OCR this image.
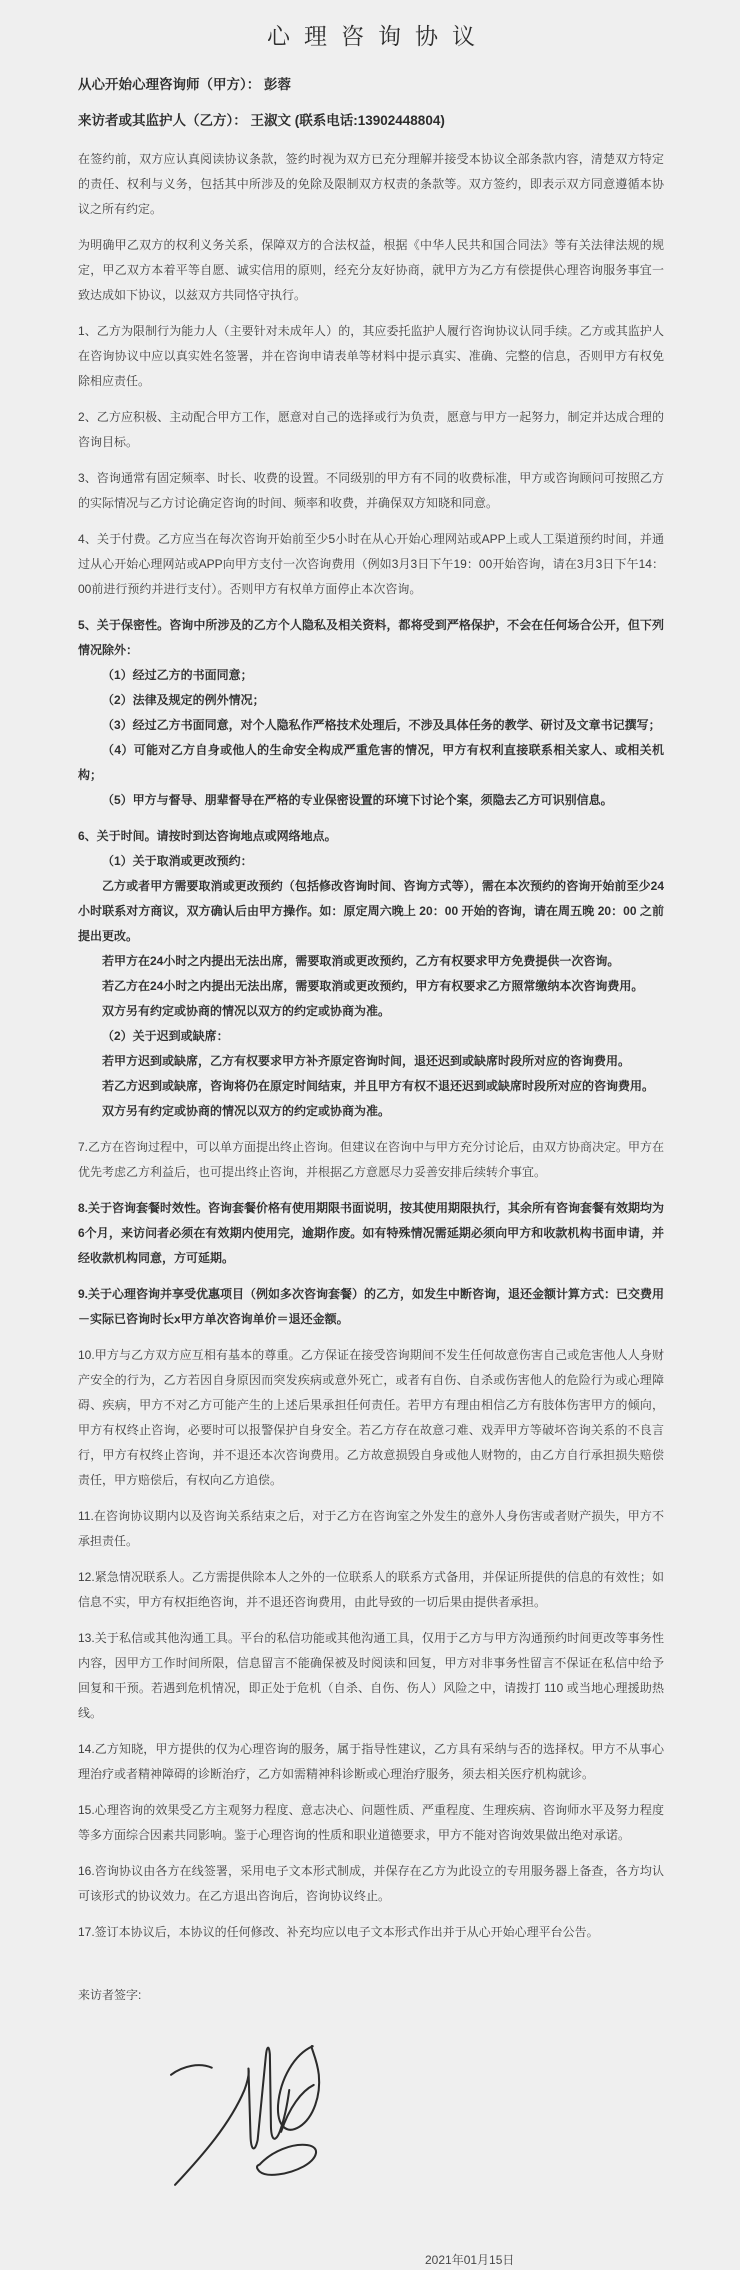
心理咨询协议

从心开始心理咨询师（甲方）： 彭蓉

来访者或其监护人（乙方）： 王淑文 (联系电话:13902448804)

在签约前，双方应认真阅读协议条款，签约时视为双方已充分理解并接受本协议全部条款内容，清楚双方特定的责任、权利与义务，包括其中所涉及的免除及限制双方权责的条款等。双方签约，即表示双方同意遵循本协议之所有约定。

为明确甲乙双方的权利义务关系，保障双方的合法权益，根据《中华人民共和国合同法》等有关法律法规的规定，甲乙双方本着平等自愿、诚实信用的原则，经充分友好协商，就甲方为乙方有偿提供心理咨询服务事宜一致达成如下协议，以兹双方共同恪守执行。

1、乙方为限制行为能力人（主要针对未成年人）的，其应委托监护人履行咨询协议认同手续。乙方或其监护人在咨询协议中应以真实姓名签署，并在咨询申请表单等材料中提示真实、准确、完整的信息，否则甲方有权免除相应责任。

2、乙方应积极、主动配合甲方工作，愿意对自己的选择或行为负责，愿意与甲方一起努力，制定并达成合理的咨询目标。

3、咨询通常有固定频率、时长、收费的设置。不同级别的甲方有不同的收费标准，甲方或咨询顾问可按照乙方的实际情况与乙方讨论确定咨询的时间、频率和收费，并确保双方知晓和同意。

4、关于付费。乙方应当在每次咨询开始前至少5小时在从心开始心理网站或APP上或人工渠道预约时间，并通过从心开始心理网站或APP向甲方支付一次咨询费用（例如3月3日下午19：00开始咨询，请在3月3日下午14：00前进行预约并进行支付）。否则甲方有权单方面停止本次咨询。

5、关于保密性。咨询中所涉及的乙方个人隐私及相关资料，都将受到严格保护，不会在任何场合公开，但下列情况除外：

（1）经过乙方的书面同意；

（2）法律及规定的例外情况；

（3）经过乙方书面同意，对个人隐私作严格技术处理后，不涉及具体任务的教学、研讨及文章书记撰写；

（4）可能对乙方自身或他人的生命安全构成严重危害的情况，甲方有权利直接联系相关家人、或相关机构；

（5）甲方与督导、朋辈督导在严格的专业保密设置的环境下讨论个案，须隐去乙方可识别信息。

6、关于时间。请按时到达咨询地点或网络地点。

（1）关于取消或更改预约：

乙方或者甲方需要取消或更改预约（包括修改咨询时间、咨询方式等），需在本次预约的咨询开始前至少24小时联系对方商议，双方确认后由甲方操作。如：原定周六晚上 20：00 开始的咨询，请在周五晚 20：00 之前提出更改。

若甲方在24小时之内提出无法出席，需要取消或更改预约，乙方有权要求甲方免费提供一次咨询。

若乙方在24小时之内提出无法出席，需要取消或更改预约，甲方有权要求乙方照常缴纳本次咨询费用。

双方另有约定或协商的情况以双方的约定或协商为准。

（2）关于迟到或缺席：

若甲方迟到或缺席，乙方有权要求甲方补齐原定咨询时间，退还迟到或缺席时段所对应的咨询费用。

若乙方迟到或缺席，咨询将仍在原定时间结束，并且甲方有权不退还迟到或缺席时段所对应的咨询费用。

双方另有约定或协商的情况以双方的约定或协商为准。

7.乙方在咨询过程中，可以单方面提出终止咨询。但建议在咨询中与甲方充分讨论后，由双方协商决定。甲方在优先考虑乙方利益后，也可提出终止咨询，并根据乙方意愿尽力妥善安排后续转介事宜。

8.关于咨询套餐时效性。咨询套餐价格有使用期限书面说明，按其使用期限执行，其余所有咨询套餐有效期均为6个月，来访问者必须在有效期内使用完，逾期作废。如有特殊情况需延期必须向甲方和收款机构书面申请，并经收款机构同意，方可延期。

9.关于心理咨询并享受优惠项目（例如多次咨询套餐）的乙方，如发生中断咨询，退还金额计算方式：已交费用－实际已咨询时长x甲方单次咨询单价＝退还金额。

10.甲方与乙方双方应互相有基本的尊重。乙方保证在接受咨询期间不发生任何故意伤害自己或危害他人人身财产安全的行为，乙方若因自身原因而突发疾病或意外死亡，或者有自伤、自杀或伤害他人的危险行为或心理障碍、疾病，甲方不对乙方可能产生的上述后果承担任何责任。若甲方有理由相信乙方有肢体伤害甲方的倾向，甲方有权终止咨询，必要时可以报警保护自身安全。若乙方存在故意刁难、戏弄甲方等破坏咨询关系的不良言行，甲方有权终止咨询，并不退还本次咨询费用。乙方故意损毁自身或他人财物的，由乙方自行承担损失赔偿责任，甲方赔偿后，有权向乙方追偿。

11.在咨询协议期内以及咨询关系结束之后，对于乙方在咨询室之外发生的意外人身伤害或者财产损失，甲方不承担责任。

12.紧急情况联系人。乙方需提供除本人之外的一位联系人的联系方式备用，并保证所提供的信息的有效性；如信息不实，甲方有权拒绝咨询，并不退还咨询费用，由此导致的一切后果由提供者承担。

13.关于私信或其他沟通工具。平台的私信功能或其他沟通工具，仅用于乙方与甲方沟通预约时间更改等事务性内容，因甲方工作时间所限，信息留言不能确保被及时阅读和回复，甲方对非事务性留言不保证在私信中给予回复和干预。若遇到危机情况，即正处于危机（自杀、自伤、伤人）风险之中，请拨打 110 或当地心理援助热线。

14.乙方知晓，甲方提供的仅为心理咨询的服务，属于指导性建议，乙方具有采纳与否的选择权。甲方不从事心理治疗或者精神障碍的诊断治疗，乙方如需精神科诊断或心理治疗服务，须去相关医疗机构就诊。

15.心理咨询的效果受乙方主观努力程度、意志决心、问题性质、严重程度、生理疾病、咨询师水平及努力程度等多方面综合因素共同影响。鉴于心理咨询的性质和职业道德要求，甲方不能对咨询效果做出绝对承诺。

16.咨询协议由各方在线签署，采用电子文本形式制成，并保存在乙方为此设立的专用服务器上备查，各方均认可该形式的协议效力。在乙方退出咨询后，咨询协议终止。

17.签订本协议后，本协议的任何修改、补充均应以电子文本形式作出并于从心开始心理平台公告。

来访者签字:

2021年01月15日
